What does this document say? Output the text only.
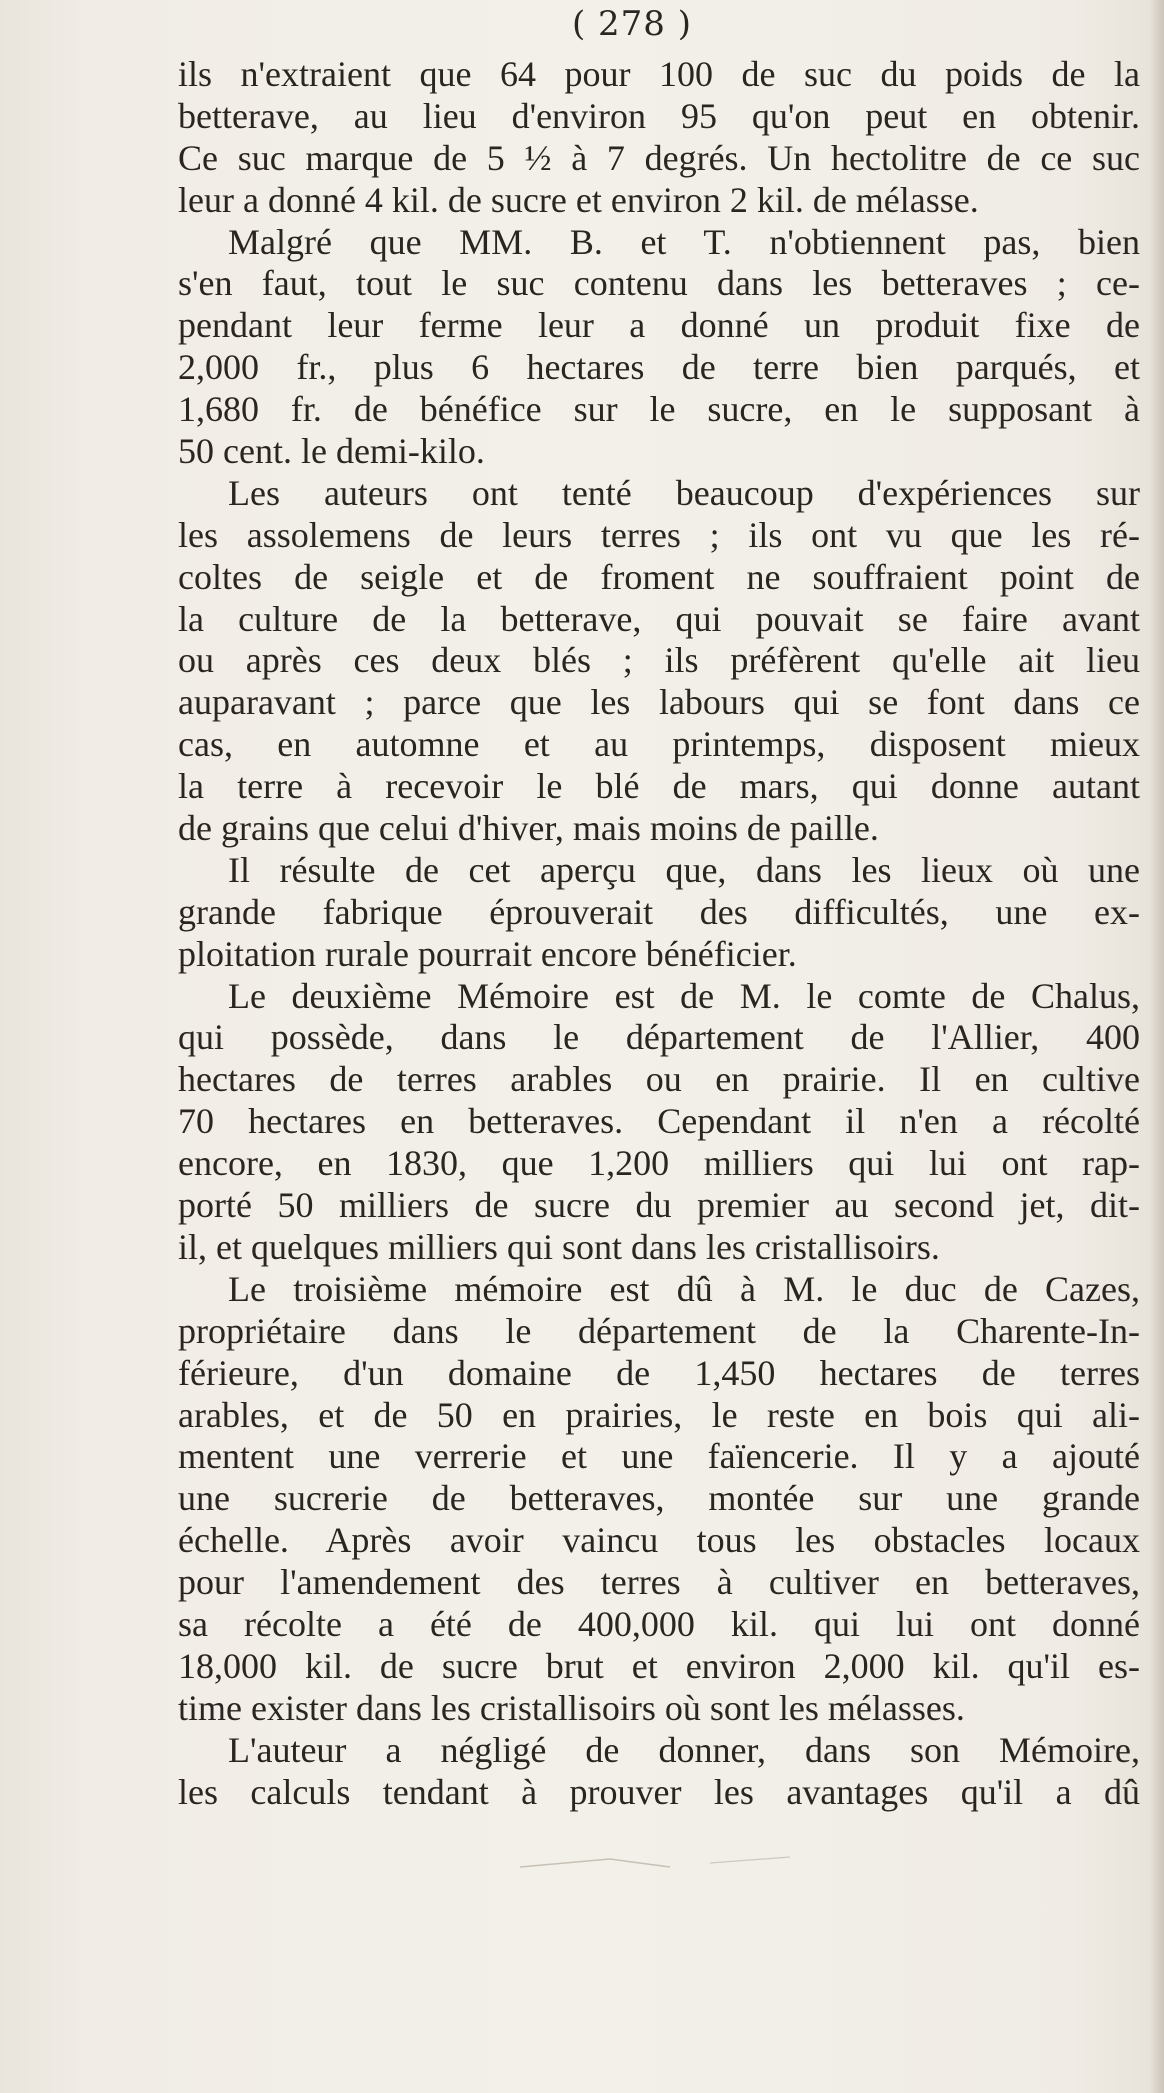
( 278 )
ils n'extraient que 64 pour 100 de suc du poids de la
betterave, au lieu d'environ 95 qu'on peut en obtenir.
Ce suc marque de 5 ½ à 7 degrés. Un hectolitre de ce suc
leur a donné 4 kil. de sucre et environ 2 kil. de mélasse.
Malgré que MM. B. et T. n'obtiennent pas, bien
s'en faut, tout le suc contenu dans les betteraves ; ce-
pendant leur ferme leur a donné un produit fixe de
2,000 fr., plus 6 hectares de terre bien parqués, et
1,680 fr. de bénéfice sur le sucre, en le supposant à
50 cent. le demi-kilo.
Les auteurs ont tenté beaucoup d'expériences sur
les assolemens de leurs terres ; ils ont vu que les ré-
coltes de seigle et de froment ne souffraient point de
la culture de la betterave, qui pouvait se faire avant
ou après ces deux blés ; ils préfèrent qu'elle ait lieu
auparavant ; parce que les labours qui se font dans ce
cas, en automne et au printemps, disposent mieux
la terre à recevoir le blé de mars, qui donne autant
de grains que celui d'hiver, mais moins de paille.
Il résulte de cet aperçu que, dans les lieux où une
grande fabrique éprouverait des difficultés, une ex-
ploitation rurale pourrait encore bénéficier.
Le deuxième Mémoire est de M. le comte de Chalus,
qui possède, dans le département de l'Allier, 400
hectares de terres arables ou en prairie. Il en cultive
70 hectares en betteraves. Cependant il n'en a récolté
encore, en 1830, que 1,200 milliers qui lui ont rap-
porté 50 milliers de sucre du premier au second jet, dit-
il, et quelques milliers qui sont dans les cristallisoirs.
Le troisième mémoire est dû à M. le duc de Cazes,
propriétaire dans le département de la Charente-In-
férieure, d'un domaine de 1,450 hectares de terres
arables, et de 50 en prairies, le reste en bois qui ali-
mentent une verrerie et une faïencerie. Il y a ajouté
une sucrerie de betteraves, montée sur une grande
échelle. Après avoir vaincu tous les obstacles locaux
pour l'amendement des terres à cultiver en betteraves,
sa récolte a été de 400,000 kil. qui lui ont donné
18,000 kil. de sucre brut et environ 2,000 kil. qu'il es-
time exister dans les cristallisoirs où sont les mélasses.
L'auteur a négligé de donner, dans son Mémoire,
les calculs tendant à prouver les avantages qu'il a dû
